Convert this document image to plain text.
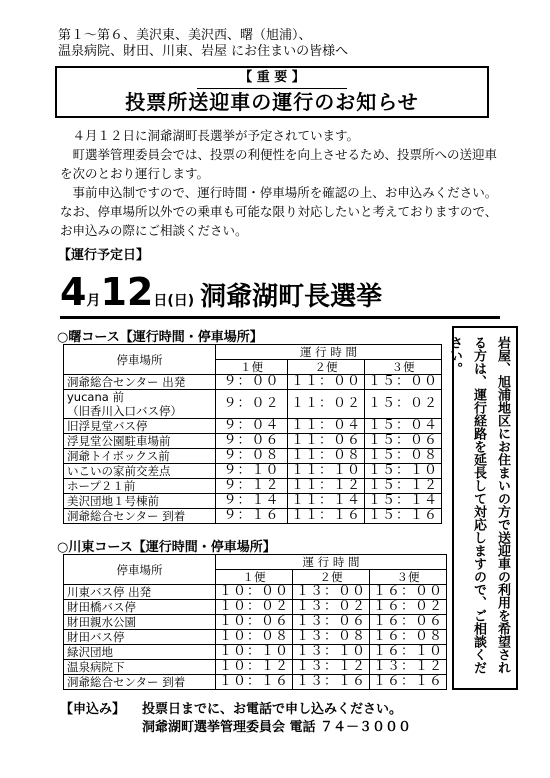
第１～第６、美沢東、美沢西、曙（旭浦）、
温泉病院、財田、川東、岩屋 にお住まいの皆様へ
【 重 要 】
投票所送迎車の運行のお知らせ

４月１２日に洞爺湖町長選挙が予定されています。

町選挙管理委員会では、投票の利便性を向上させるため、投票所への送迎車を次のとおり運行します。

事前申込制ですので、運行時間・停車場所を確認の上、お申込みください。なお、停車場所以外での乗車も可能な限り対応したいと考えておりますので、お申込みの際にご相談ください。

【運行予定日】
4月12日(日) 洞爺湖町長選挙
○曙コース【運行時間・停車場所】
停車場所	運 行 時 間		
	１便	２便	３便
洞爺総合センター 出発	９：００	１１：００	１５：００
yucana 前
（旧香川入口バス停）	９：０２	１１：０２	１５：０２
旧浮見堂バス停	９：０４	１１：０４	１５：０４
浮見堂公園駐車場前	９：０６	１１：０６	１５：０６
洞爺トイボックス前	９：０８	１１：０８	１５：０８
いこいの家前交差点	９：１０	１１：１０	１５：１０
ホープ２１前	９：１２	１１：１２	１５：１２
美沢団地１号棟前	９：１４	１１：１４	１５：１４
洞爺総合センター 到着	９：１６	１１：１６	１５：１６
○川東コース【運行時間・停車場所】
停車場所	運 行 時 間		
	１便	２便	３便
川東バス停 出発	１０：００	１３：００	１６：００
財田橋バス停	１０：０２	１３：０２	１６：０２
財田親水公園	１０：０６	１３：０６	１６：０６
財田バス停	１０：０８	１３：０８	１６：０８
緑沢団地	１０：１０	１３：１０	１６：１０
温泉病院下	１０：１２	１３：１２	１３：１２
洞爺総合センター 到着	１０：１６	１３：１６	１６：１６
岩屋、旭浦地区にお住まいの方で送迎車の利用を希望される方は、運行経路を延長して対応しますので、ご相談ください。
【申込み】 投票日までに、お電話で申し込みください。
洞爺湖町選挙管理委員会 電話 ７４－３０００
